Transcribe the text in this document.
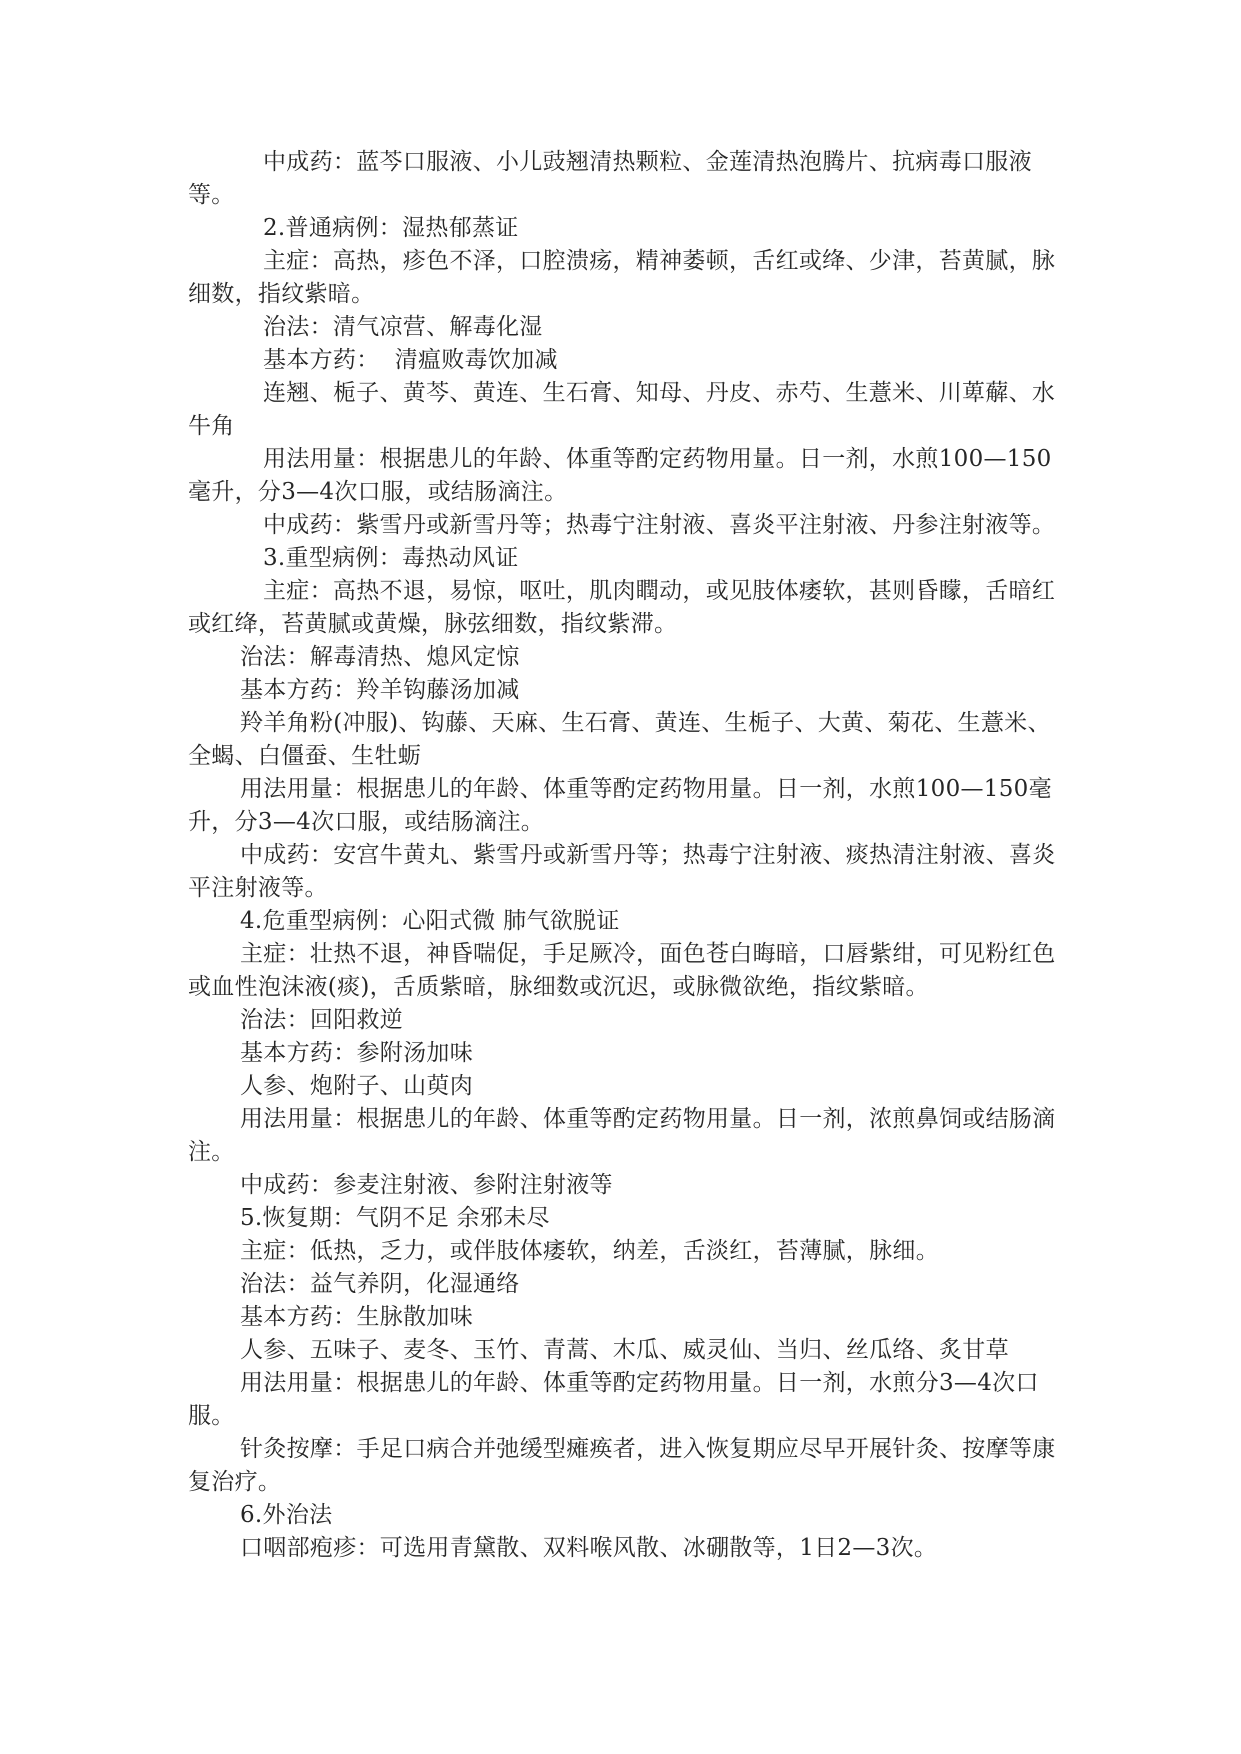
中成药：蓝芩口服液、小儿豉翘清热颗粒、金莲清热泡腾片、抗病毒口服液等。

2.普通病例：湿热郁蒸证

主症：高热，疹色不泽，口腔溃疡，精神萎顿，舌红或绛、少津，苔黄腻，脉细数，指纹紫暗。

治法：清气凉营、解毒化湿

基本方药：  清瘟败毒饮加减

连翘、栀子、黄芩、黄连、生石膏、知母、丹皮、赤芍、生薏米、川萆薢、水牛角

用法用量：根据患儿的年龄、体重等酌定药物用量。日一剂，水煎100—150毫升，分3—4次口服，或结肠滴注。

中成药：紫雪丹或新雪丹等；热毒宁注射液、喜炎平注射液、丹参注射液等。

3.重型病例：毒热动风证

主症：高热不退，易惊，呕吐，肌肉瞤动，或见肢体痿软，甚则昏矇，舌暗红或红绛，苔黄腻或黄燥，脉弦细数，指纹紫滞。

治法：解毒清热、熄风定惊

基本方药：羚羊钩藤汤加减

羚羊角粉(冲服)、钩藤、天麻、生石膏、黄连、生栀子、大黄、菊花、生薏米、全蝎、白僵蚕、生牡蛎

用法用量：根据患儿的年龄、体重等酌定药物用量。日一剂，水煎100—150毫升，分3—4次口服，或结肠滴注。

中成药：安宫牛黄丸、紫雪丹或新雪丹等；热毒宁注射液、痰热清注射液、喜炎平注射液等。

4.危重型病例：心阳式微 肺气欲脱证

主症：壮热不退，神昏喘促，手足厥冷，面色苍白晦暗，口唇紫绀，可见粉红色或血性泡沫液(痰)，舌质紫暗，脉细数或沉迟，或脉微欲绝，指纹紫暗。

治法：回阳救逆

基本方药：参附汤加味

人参、炮附子、山萸肉

用法用量：根据患儿的年龄、体重等酌定药物用量。日一剂，浓煎鼻饲或结肠滴注。

中成药：参麦注射液、参附注射液等

5.恢复期：气阴不足 余邪未尽

主症：低热，乏力，或伴肢体痿软，纳差，舌淡红，苔薄腻，脉细。

治法：益气养阴，化湿通络

基本方药：生脉散加味

人参、五味子、麦冬、玉竹、青蒿、木瓜、威灵仙、当归、丝瓜络、炙甘草

用法用量：根据患儿的年龄、体重等酌定药物用量。日一剂，水煎分3—4次口服。

针灸按摩：手足口病合并弛缓型瘫痪者，进入恢复期应尽早开展针灸、按摩等康复治疗。

6.外治法

口咽部疱疹：可选用青黛散、双料喉风散、冰硼散等，1日2—3次。
